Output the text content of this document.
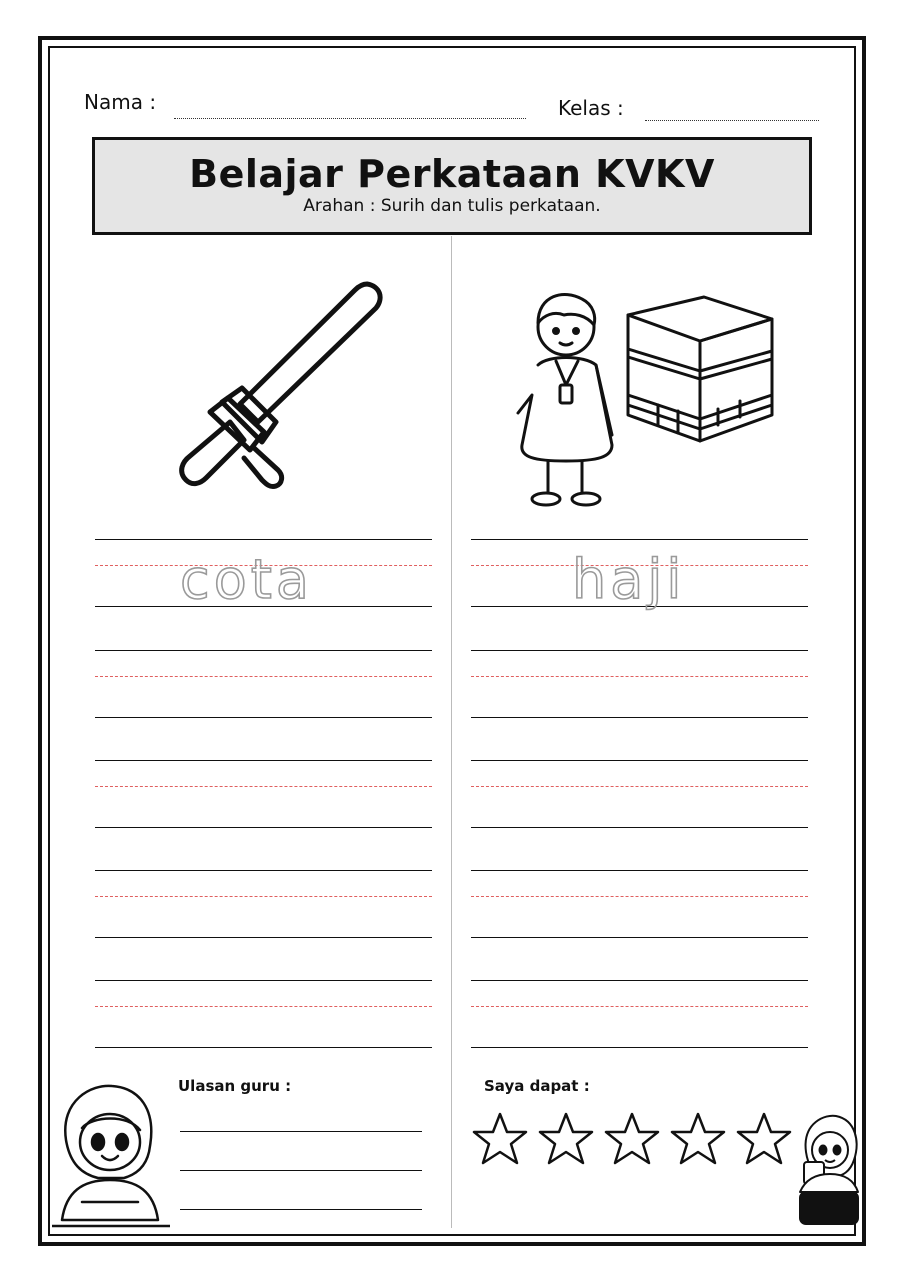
Nama :	Kelas :
Belajar Perkataan KVKV
Arahan : Surih dan tulis perkataan.
cota	haji
Ulasan guru :	Saya dapat :
